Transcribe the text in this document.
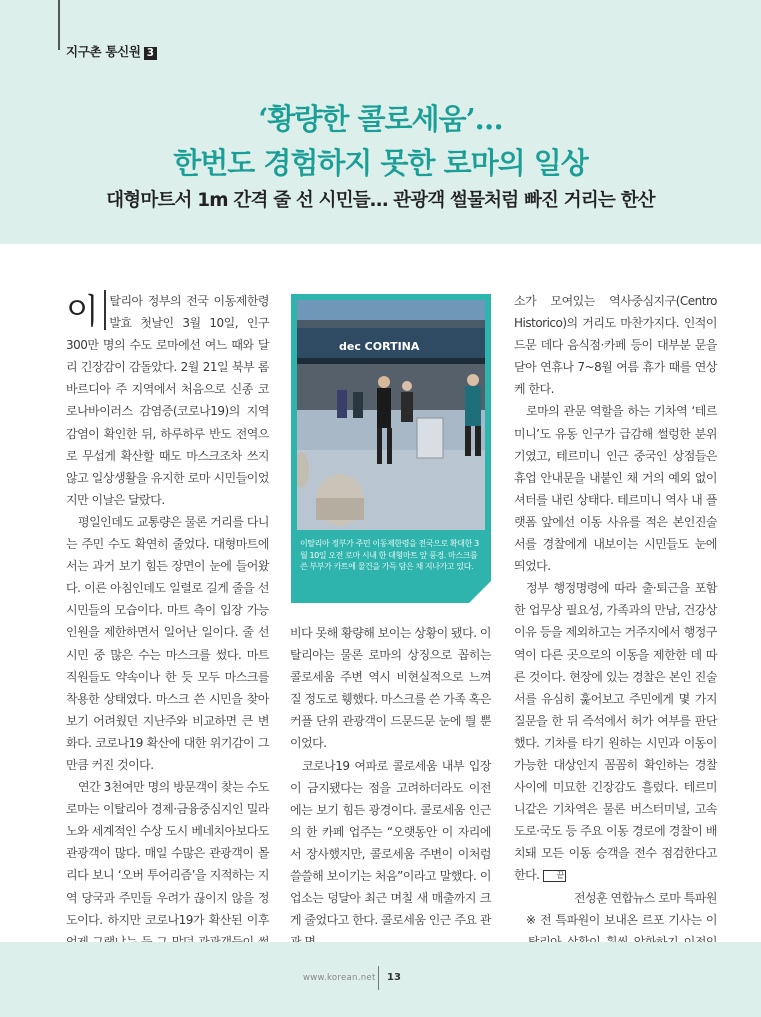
지구촌 통신원 3
‘황량한 콜로세움’…
한번도 경험하지 못한 로마의 일상
대형마트서 1m 간격 줄 선 시민들… 관광객 썰물처럼 빠진 거리는 한산

이 탈리아 정부의 전국 이동제한령 발효 첫날인 3월 10일, 인구 300만 명의 수도 로마에선 여느 때와 달리 긴장감이 감돌았다. 2월 21일 북부 롬바르디아 주 지역에서 처음으로 신종 코로나바이러스 감염증(코로나19)의 지역 감염이 확인한 뒤, 하루하루 반도 전역으로 무섭게 확산할 때도 마스크조차 쓰지 않고 일상생활을 유지한 로마 시민들이었지만 이날은 달랐다.

평일인데도 교통량은 물론 거리를 다니는 주민 수도 확연히 줄었다. 대형마트에서는 과거 보기 힘든 장면이 눈에 들어왔다. 이른 아침인데도 일렬로 길게 줄을 선 시민들의 모습이다. 마트 측이 입장 가능 인원을 제한하면서 일어난 일이다. 줄 선 시민 중 많은 수는 마스크를 썼다. 마트 직원들도 약속이나 한 듯 모두 마스크를 착용한 상태였다. 마스크 쓴 시민을 찾아보기 어려웠던 지난주와 비교하면 큰 변화다. 코로나19 확산에 대한 위기감이 그만큼 커진 것이다.

연간 3천여만 명의 방문객이 찾는 수도 로마는 이탈리아 경제·금융중심지인 밀라노와 세계적인 수상 도시 베네치아보다도 관광객이 많다. 매일 수많은 관광객이 몰리다 보니 ‘오버 투어리즘’을 지적하는 지역 당국과 주민들 우려가 끊이지 않을 정도이다. 하지만 코로나19가 확산된 이후

dec CORTINA
이탈리아 정부가 주민 이동제한령을 전국으로 확대한 3월 10일 오전 로마 시내 한 대형마트 앞 풍경. 마스크를 쓴 부부가 카트에 물건을 가득 담은 채 지나가고 있다.

비다 못해 황량해 보이는 상황이 됐다. 이탈리아는 물론 로마의 상징으로 꼽히는 콜로세움 주변 역시 비현실적으로 느껴질 정도로 휑했다. 마스크를 쓴 가족 혹은 커플 단위 관광객이 드문드문 눈에 띌 뿐이었다.

코로나19 여파로 콜로세움 내부 입장이 금지됐다는 점을 고려하더라도 이전에는 보기 힘든 광경이다. 콜로세움 인근의 한 카페 업주는 “오랫동안 이 자리에서 장사했지만, 콜로세움 주변이 이처럼 쓸쓸해 보이기는 처음”이라고 말했다. 이 업소는 덩달아 최근 며칠 새 매출까지 크게 줄었다고 한다. 콜로세움 인근 주요 관

소가 모여있는 역사중심지구(Centro Historico)의 거리도 마찬가지다. 인적이 드문 데다 음식점·카페 등이 대부분 문을 닫아 연휴나 7~8월 여름 휴가 때를 연상케 한다.

로마의 관문 역할을 하는 기차역 ‘테르미니’도 유동 인구가 급감해 썰렁한 분위기였고, 테르미니 인근 중국인 상점들은 휴업 안내문을 내붙인 채 거의 예외 없이 셔터를 내린 상태다. 테르미니 역사 내 플랫폼 앞에선 이동 사유를 적은 본인진술서를 경찰에게 내보이는 시민들도 눈에 띄었다.

정부 행정명령에 따라 출·퇴근을 포함한 업무상 필요성, 가족과의 만남, 건강상 이유 등을 제외하고는 거주지에서 행정구역이 다른 곳으로의 이동을 제한한 데 따른 것이다. 현장에 있는 경찰은 본인 진술서를 유심히 훑어보고 주민에게 몇 가지 질문을 한 뒤 즉석에서 허가 여부를 판단했다. 기차를 타기 원하는 시민과 이동이 가능한 대상인지 꼼꼼히 확인하는 경찰 사이에 미묘한 긴장감도 흘렀다. 테르미니같은 기차역은 물론 버스터미널, 고속도로·국도 등 주요 이동 경로에 경찰이 배치돼 모든 이동 승객을 전수 점검한다고 한다. 끝

전성훈 연합뉴스 로마 특파원

※ 전 특파원이 보내온 르포 기사는 이

www.korean.net 13
